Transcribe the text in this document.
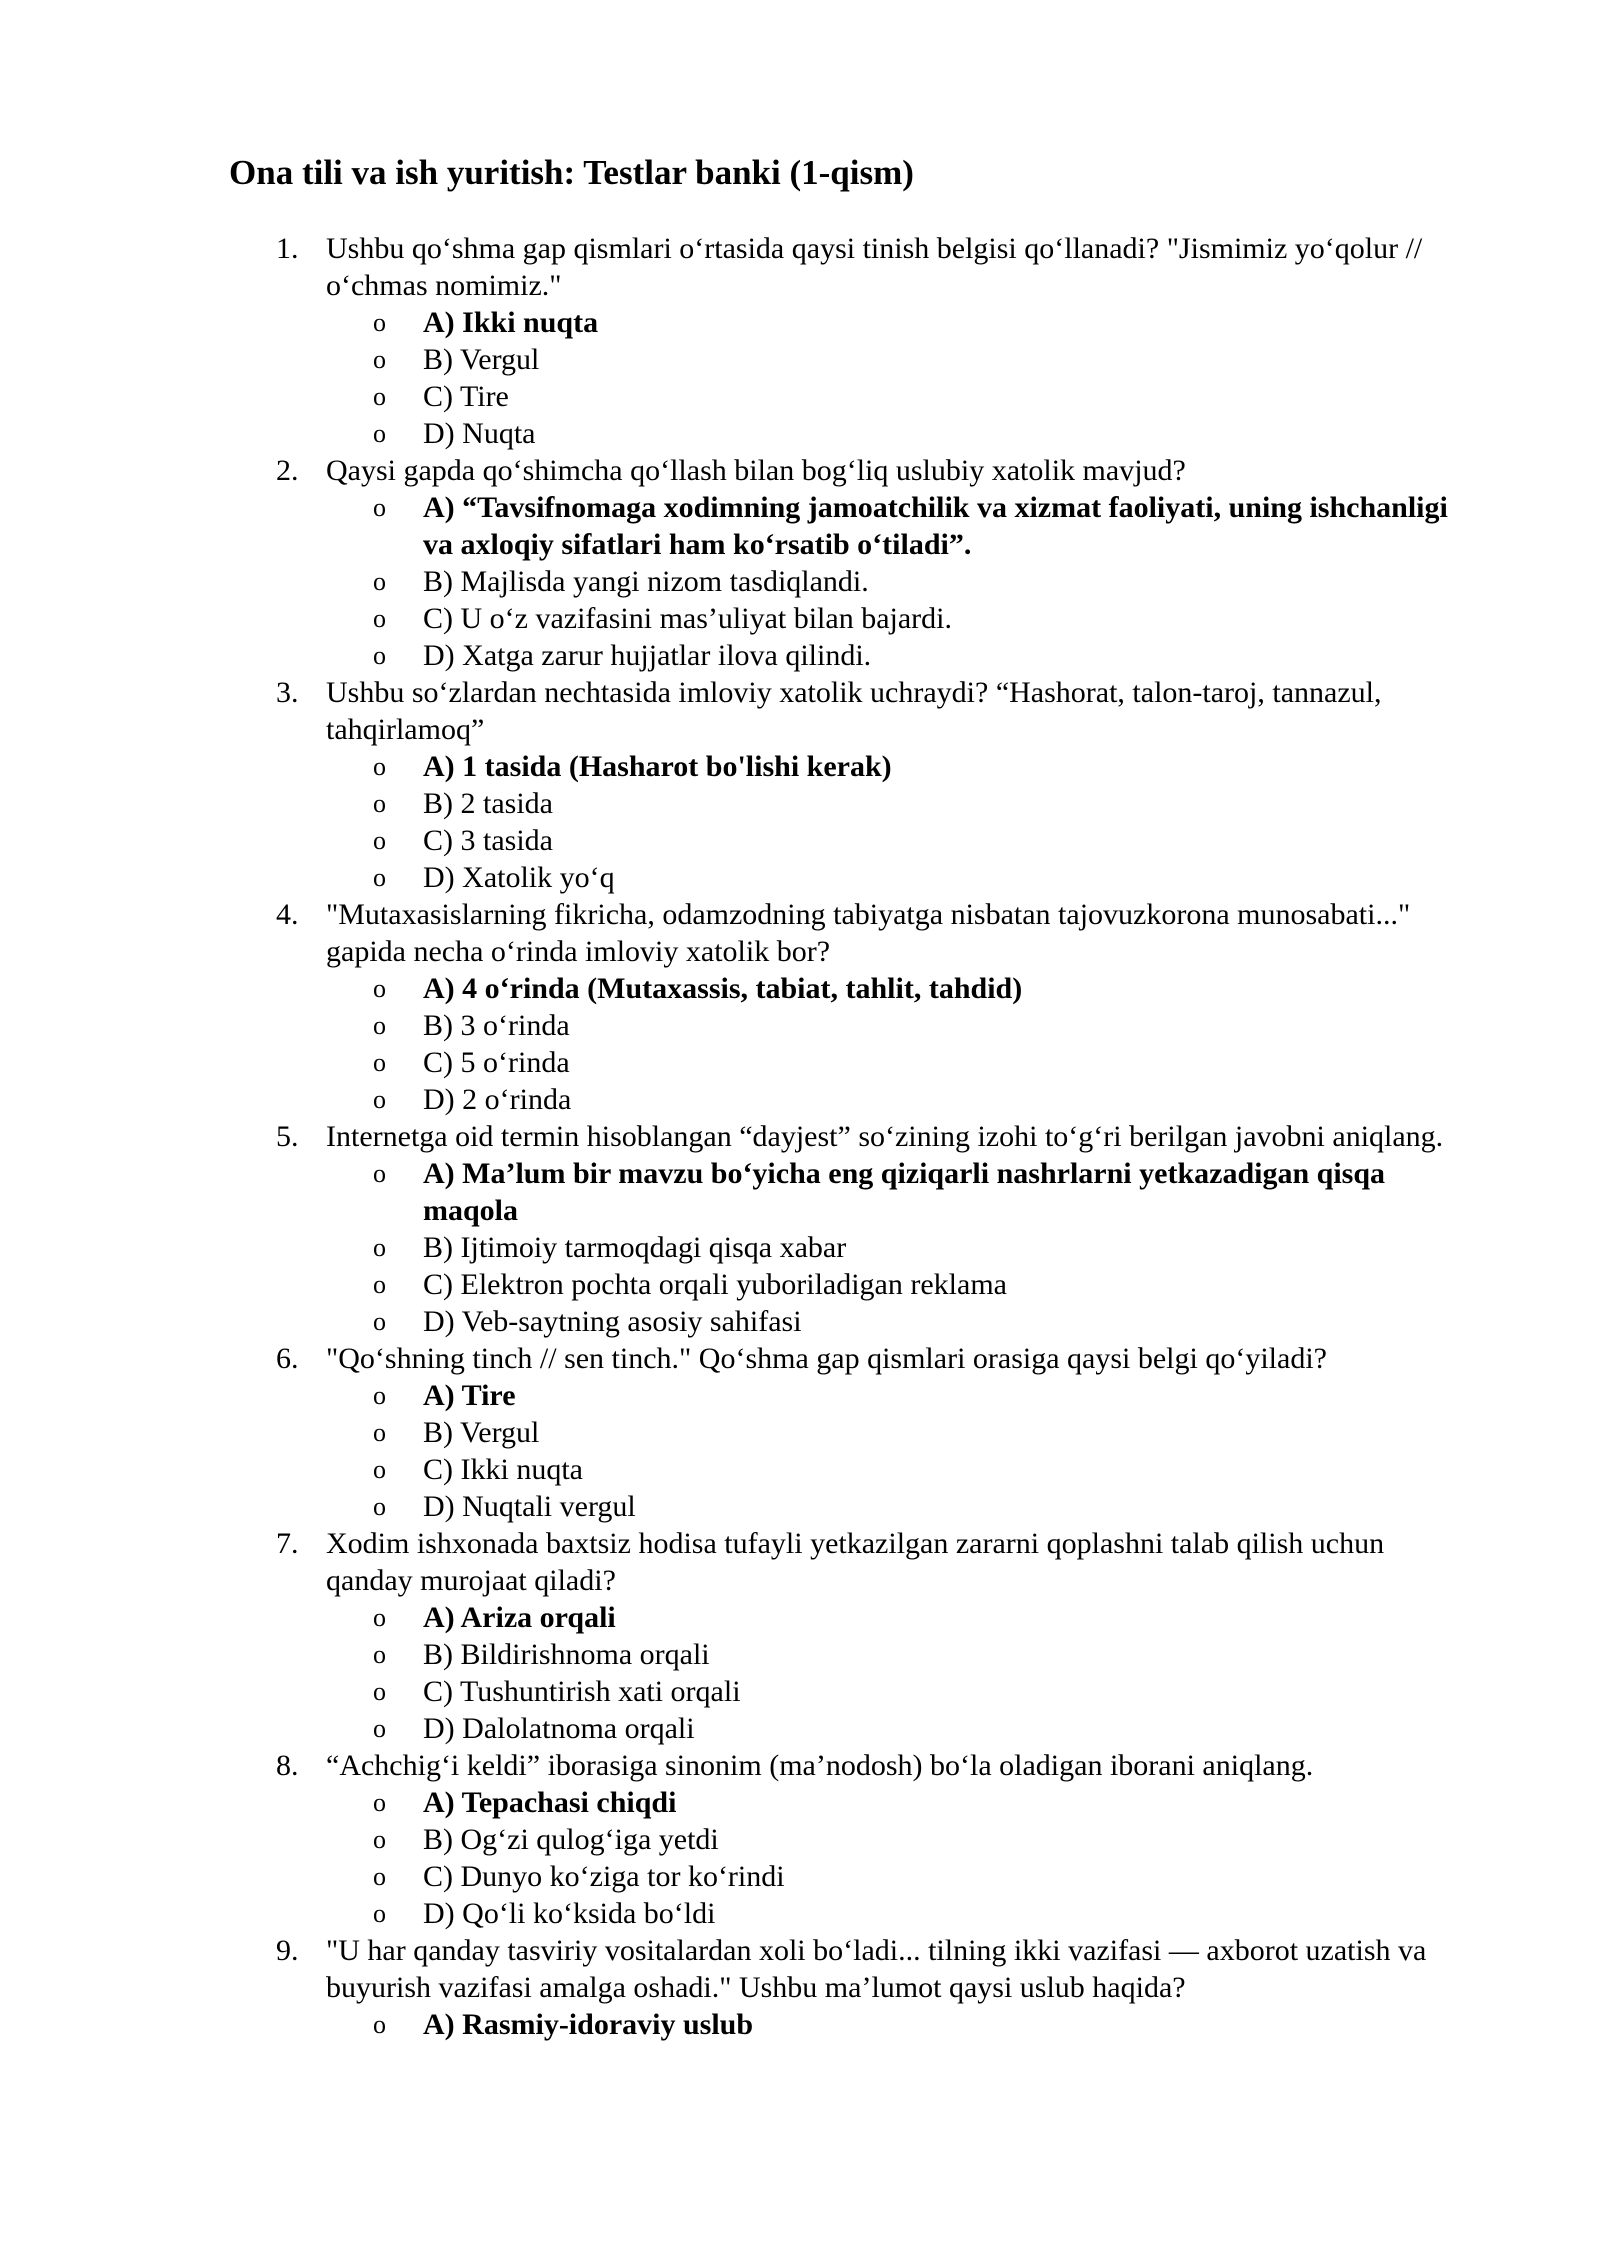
Ona tili va ish yuritish: Testlar banki (1-qism)
1. Ushbu qo‘shma gap qismlari o‘rtasida qaysi tinish belgisi qo‘llanadi? "Jismimiz yo‘qolur // o‘chmas nomimiz."

o A) Ikki nuqta

o B) Vergul

o C) Tire

o D) Nuqta

2. Qaysi gapda qo‘shimcha qo‘llash bilan bog‘liq uslubiy xatolik mavjud?

o A) “Tavsifnomaga xodimning jamoatchilik va xizmat faoliyati, uning ishchanligi va axloqiy sifatlari ham ko‘rsatib o‘tiladi”.

o B) Majlisda yangi nizom tasdiqlandi.

o C) U o‘z vazifasini mas’uliyat bilan bajardi.

o D) Xatga zarur hujjatlar ilova qilindi.

3. Ushbu so‘zlardan nechtasida imloviy xatolik uchraydi? “Hashorat, talon-taroj, tannazul, tahqirlamoq”

o A) 1 tasida (Hasharot bo'lishi kerak)

o B) 2 tasida

o C) 3 tasida

o D) Xatolik yo‘q

4. "Mutaxasislarning fikricha, odamzodning tabiyatga nisbatan tajovuzkorona munosabati..." gapida necha o‘rinda imloviy xatolik bor?

o A) 4 o‘rinda (Mutaxassis, tabiat, tahlit, tahdid)

o B) 3 o‘rinda

o C) 5 o‘rinda

o D) 2 o‘rinda

5. Internetga oid termin hisoblangan “dayjest” so‘zining izohi to‘g‘ri berilgan javobni aniqlang.

o A) Ma’lum bir mavzu bo‘yicha eng qiziqarli nashrlarni yetkazadigan qisqa maqola

o B) Ijtimoiy tarmoqdagi qisqa xabar

o C) Elektron pochta orqali yuboriladigan reklama

o D) Veb-saytning asosiy sahifasi

6. "Qo‘shning tinch // sen tinch." Qo‘shma gap qismlari orasiga qaysi belgi qo‘yiladi?

o A) Tire

o B) Vergul

o C) Ikki nuqta

o D) Nuqtali vergul

7. Xodim ishxonada baxtsiz hodisa tufayli yetkazilgan zararni qoplashni talab qilish uchun qanday murojaat qiladi?

o A) Ariza orqali

o B) Bildirishnoma orqali

o C) Tushuntirish xati orqali

o D) Dalolatnoma orqali

8. “Achchig‘i keldi” iborasiga sinonim (ma’nodosh) bo‘la oladigan iborani aniqlang.

o A) Tepachasi chiqdi

o B) Og‘zi qulog‘iga yetdi

o C) Dunyo ko‘ziga tor ko‘rindi

o D) Qo‘li ko‘ksida bo‘ldi

9. "U har qanday tasviriy vositalardan xoli bo‘ladi... tilning ikki vazifasi — axborot uzatish va buyurish vazifasi amalga oshadi." Ushbu ma’lumot qaysi uslub haqida?

o A) Rasmiy-idoraviy uslub
